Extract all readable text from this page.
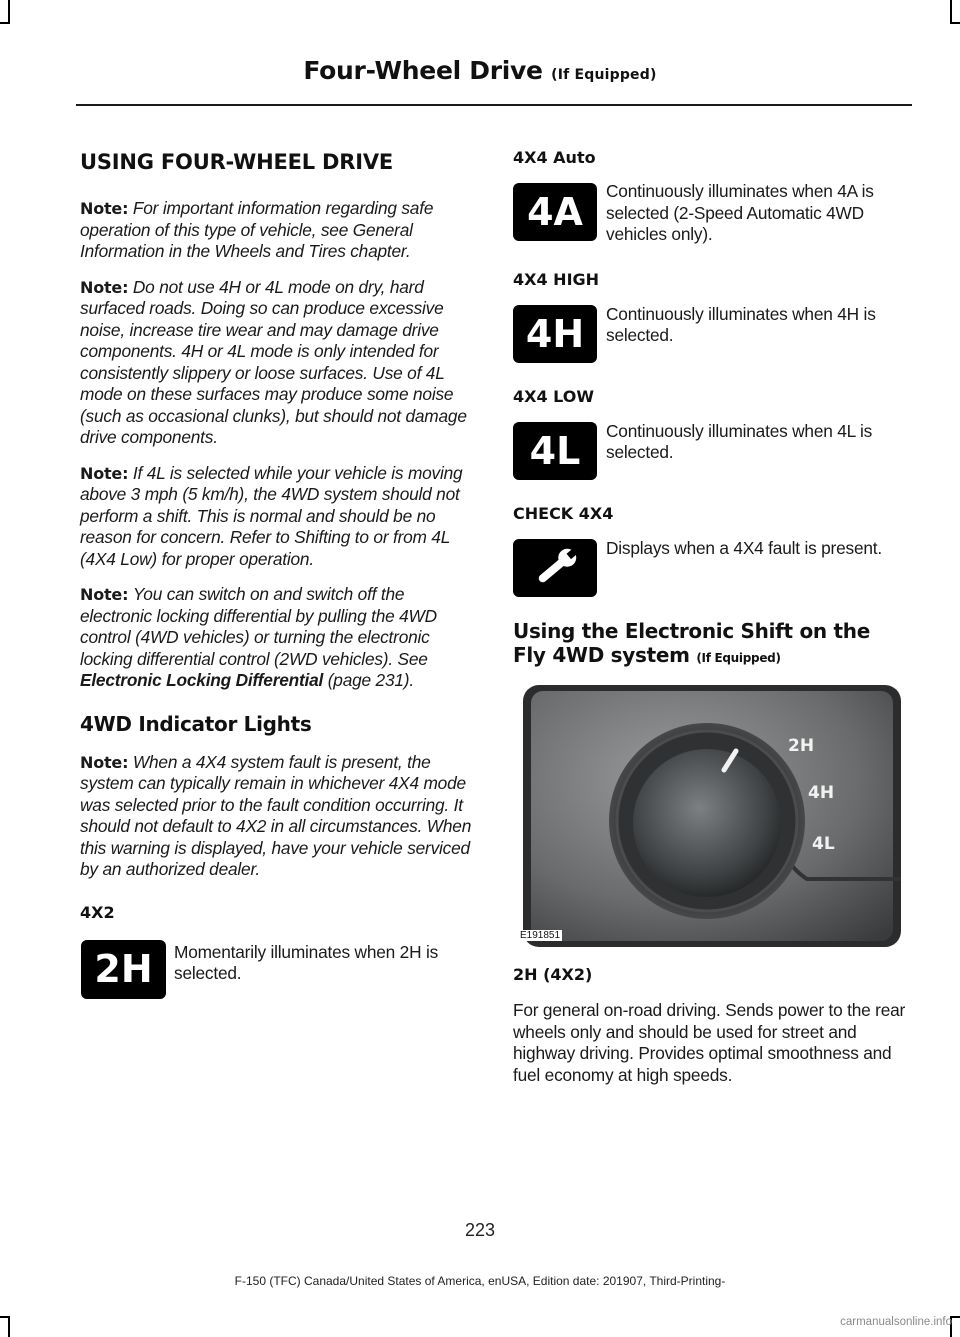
Four-Wheel Drive (If Equipped)
USING FOUR-WHEEL DRIVE

Note: For important information regarding safe operation of this type of vehicle, see General Information in the Wheels and Tires chapter.

Note: Do not use 4H or 4L mode on dry, hard surfaced roads. Doing so can produce excessive noise, increase tire wear and may damage drive components. 4H or 4L mode is only intended for consistently slippery or loose surfaces. Use of 4L mode on these surfaces may produce some noise (such as occasional clunks), but should not damage drive components.

Note: If 4L is selected while your vehicle is moving above 3 mph (5 km/h), the 4WD system should not perform a shift. This is normal and should be no reason for concern. Refer to Shifting to or from 4L (4X4 Low) for proper operation.

Note: You can switch on and switch off the electronic locking differential by pulling the 4WD control (4WD vehicles) or turning the electronic locking differential control (2WD vehicles). See Electronic Locking Differential (page 231).

4WD Indicator Lights

Note: When a 4X4 system fault is present, the system can typically remain in whichever 4X4 mode was selected prior to the fault condition occurring. It should not default to 4X2 in all circumstances. When this warning is displayed, have your vehicle serviced by an authorized dealer.

4X2
2H	Momentarily illuminates when 2H is selected.
4X4 Auto
4A	Continuously illuminates when 4A is selected (2-Speed Automatic 4WD vehicles only).
4X4 HIGH
4H	Continuously illuminates when 4H is selected.
4X4 LOW
4L	Continuously illuminates when 4L is selected.
CHECK 4X4
Displays when a 4X4 fault is present.
Using the Electronic Shift on the Fly 4WD system (If Equipped)
2H
4H
4L
E191851
2H (4X2)

For general on-road driving. Sends power to the rear wheels only and should be used for street and highway driving. Provides optimal smoothness and fuel economy at high speeds.

223
F-150 (TFC) Canada/United States of America, enUSA, Edition date: 201907, Third-Printing-
carmanualsonline.info
